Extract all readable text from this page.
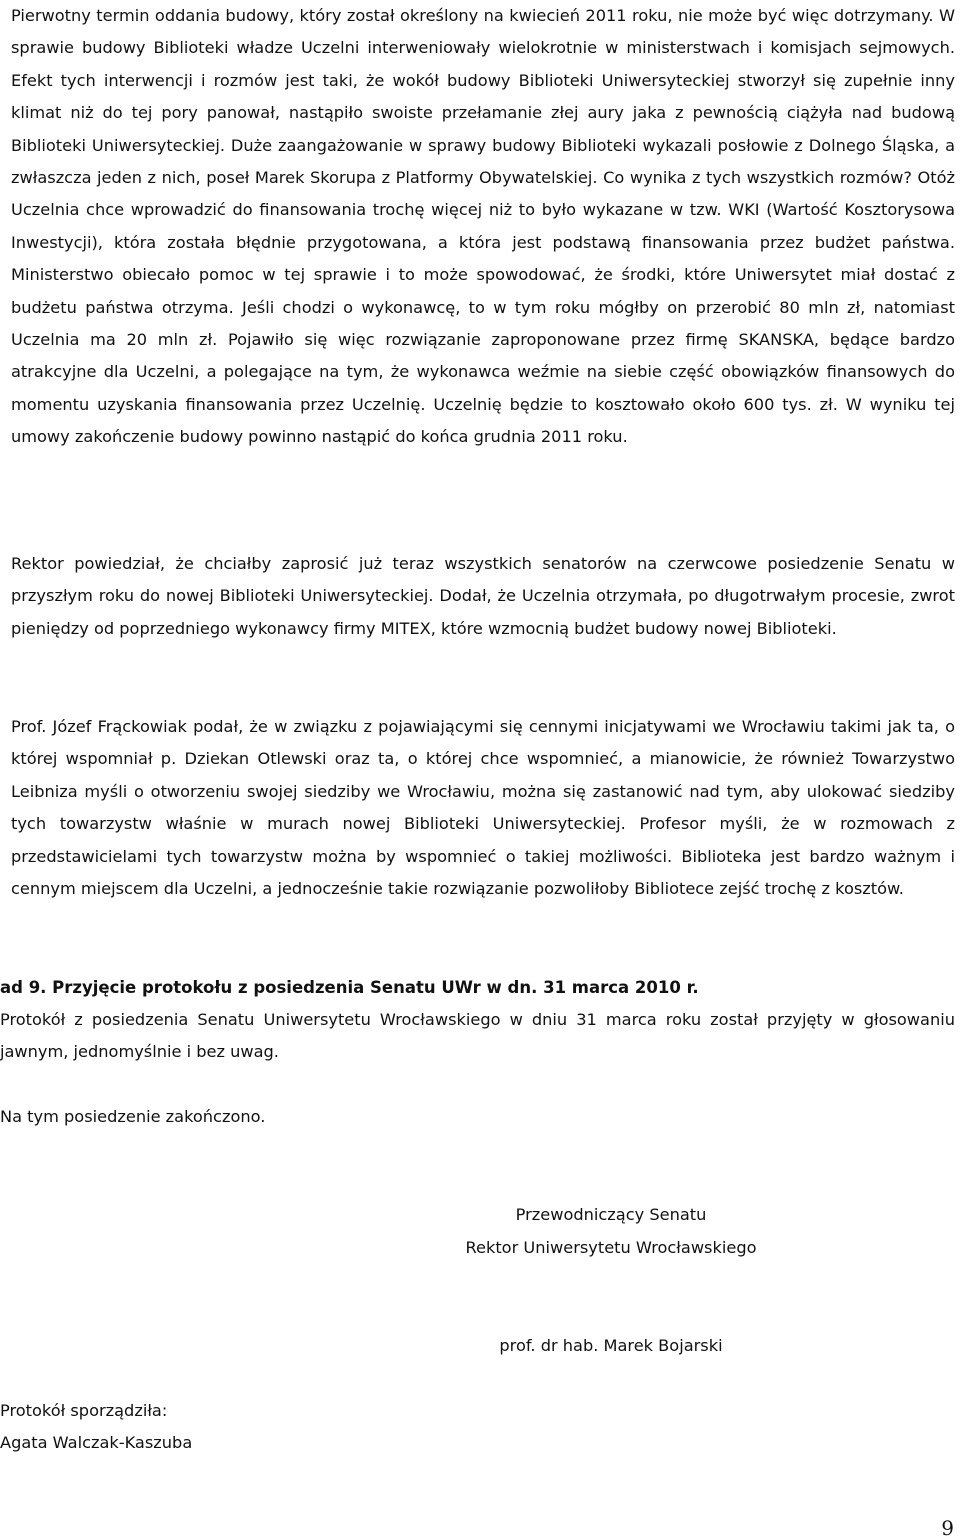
Pierwotny termin oddania budowy, który został określony na kwiecień 2011 roku, nie może być więc dotrzymany. W sprawie budowy Biblioteki władze Uczelni interweniowały wielokrotnie w ministerstwach i komisjach sejmowych. Efekt tych interwencji i rozmów jest taki, że wokół budowy Biblioteki Uniwersyteckiej stworzył się zupełnie inny klimat niż do tej pory panował, nastąpiło swoiste przełamanie złej aury jaka z pewnością ciążyła nad budową Biblioteki Uniwersyteckiej. Duże zaangażowanie w sprawy budowy Biblioteki wykazali posłowie z Dolnego Śląska, a zwłaszcza jeden z nich, poseł Marek Skorupa z Platformy Obywatelskiej. Co wynika z tych wszystkich rozmów? Otóż Uczelnia chce wprowadzić do finansowania trochę więcej niż to było wykazane w tzw. WKI (Wartość Kosztorysowa Inwestycji), która została błędnie przygotowana, a która jest podstawą finansowania przez budżet państwa. Ministerstwo obiecało pomoc w tej sprawie i to może spowodować, że środki, które Uniwersytet miał dostać z budżetu państwa otrzyma. Jeśli chodzi o wykonawcę, to w tym roku mógłby on przerobić 80 mln zł, natomiast Uczelnia ma 20 mln zł. Pojawiło się więc rozwiązanie zaproponowane przez firmę SKANSKA, będące bardzo atrakcyjne dla Uczelni, a polegające na tym, że wykonawca weźmie na siebie część obowiązków finansowych do momentu uzyskania finansowania przez Uczelnię. Uczelnię będzie to kosztowało około 600 tys. zł. W wyniku tej umowy zakończenie budowy powinno nastąpić do końca grudnia 2011 roku.

Rektor powiedział, że chciałby zaprosić już teraz wszystkich senatorów na czerwcowe posiedzenie Senatu w przyszłym roku do nowej Biblioteki Uniwersyteckiej. Dodał, że Uczelnia otrzymała, po długotrwałym procesie, zwrot pieniędzy od poprzedniego wykonawcy firmy MITEX, które wzmocnią budżet budowy nowej Biblioteki.

Prof. Józef Frąckowiak podał, że w związku z pojawiającymi się cennymi inicjatywami we Wrocławiu takimi jak ta, o której wspomniał p. Dziekan Otlewski oraz ta, o której chce wspomnieć, a mianowicie, że również Towarzystwo Leibniza myśli o otworzeniu swojej siedziby we Wrocławiu, można się zastanowić nad tym, aby ulokować siedziby tych towarzystw właśnie w murach nowej Biblioteki Uniwersyteckiej. Profesor myśli, że w rozmowach z przedstawicielami tych towarzystw można by wspomnieć o takiej możliwości. Biblioteka jest bardzo ważnym i cennym miejscem dla Uczelni, a jednocześnie takie rozwiązanie pozwoliłoby Bibliotece zejść trochę z kosztów.

ad 9. Przyjęcie protokołu z posiedzenia Senatu UWr w dn. 31 marca 2010 r.

Protokół z posiedzenia Senatu Uniwersytetu Wrocławskiego w dniu 31 marca roku został przyjęty w głosowaniu jawnym, jednomyślnie i bez uwag.

Na tym posiedzenie zakończono.

Przewodniczący Senatu

Rektor Uniwersytetu Wrocławskiego

prof. dr hab. Marek Bojarski

Protokół sporządziła:

Agata Walczak-Kaszuba

9
